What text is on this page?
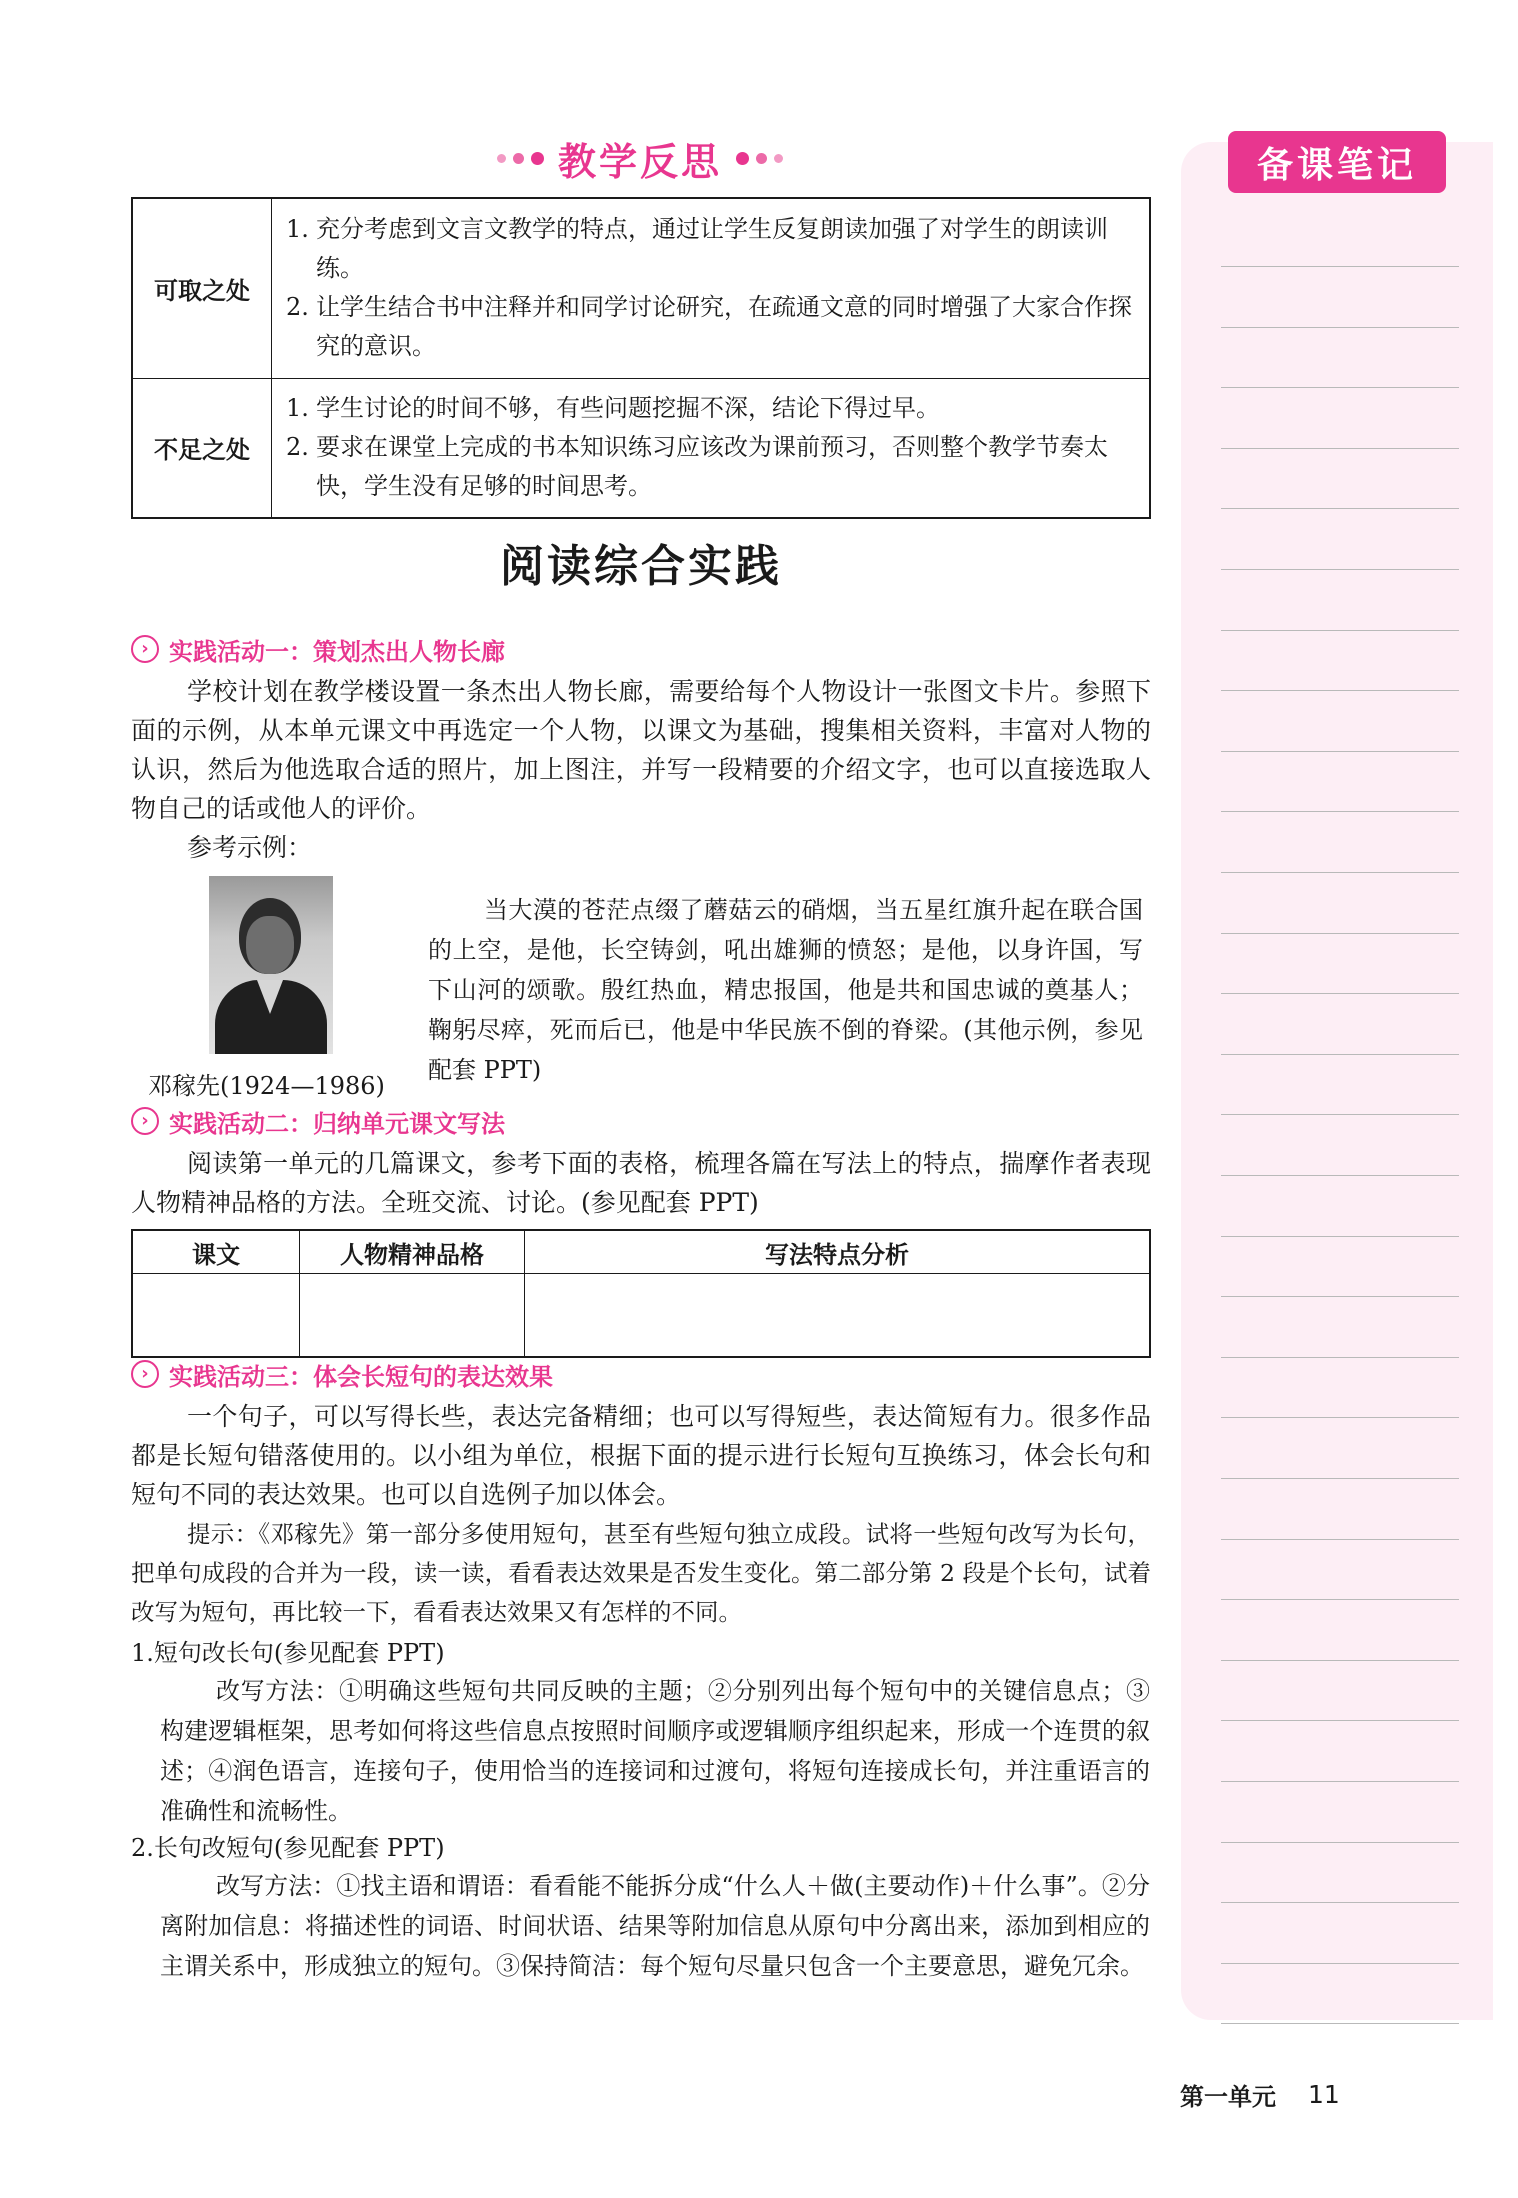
教学反思
可取之处	1. 充分考虑到文言文教学的特点，通过让学生反复朗读加强了对学生的朗读训练。
2. 让学生结合书中注释并和同学讨论研究，在疏通文意的同时增强了大家合作探究的意识。

不足之处	1. 学生讨论的时间不够，有些问题挖掘不深，结论下得过早。
2. 要求在课堂上完成的书本知识练习应该改为课前预习，否则整个教学节奏太快，学生没有足够的时间思考。
阅读综合实践
› 实践活动一：策划杰出人物长廊
学校计划在教学楼设置一条杰出人物长廊，需要给每个人物设计一张图文卡片。参照下面的示例，从本单元课文中再选定一个人物，以课文为基础，搜集相关资料，丰富对人物的认识，然后为他选取合适的照片，加上图注，并写一段精要的介绍文字，也可以直接选取人物自己的话或他人的评价。
参考示例：
邓稼先(1924—1986)
当大漠的苍茫点缀了蘑菇云的硝烟，当五星红旗升起在联合国的上空，是他，长空铸剑，吼出雄狮的愤怒；是他，以身许国，写下山河的颂歌。殷红热血，精忠报国，他是共和国忠诚的奠基人；鞠躬尽瘁，死而后已，他是中华民族不倒的脊梁。(其他示例，参见配套 PPT)
› 实践活动二：归纳单元课文写法
阅读第一单元的几篇课文，参考下面的表格，梳理各篇在写法上的特点，揣摩作者表现人物精神品格的方法。全班交流、讨论。(参见配套 PPT)
课文	人物精神品格	写法特点分析

› 实践活动三：体会长短句的表达效果
一个句子，可以写得长些，表达完备精细；也可以写得短些，表达简短有力。很多作品都是长短句错落使用的。以小组为单位，根据下面的提示进行长短句互换练习，体会长句和短句不同的表达效果。也可以自选例子加以体会。
提示：《邓稼先》第一部分多使用短句，甚至有些短句独立成段。试将一些短句改写为长句，把单句成段的合并为一段，读一读，看看表达效果是否发生变化。第二部分第 2 段是个长句，试着改写为短句，再比较一下，看看表达效果又有怎样的不同。
1.短句改长句(参见配套 PPT)
改写方法：①明确这些短句共同反映的主题；②分别列出每个短句中的关键信息点；③构建逻辑框架，思考如何将这些信息点按照时间顺序或逻辑顺序组织起来，形成一个连贯的叙述；④润色语言，连接句子，使用恰当的连接词和过渡句，将短句连接成长句，并注重语言的准确性和流畅性。
2.长句改短句(参见配套 PPT)
改写方法：①找主语和谓语：看看能不能拆分成“什么人＋做(主要动作)＋什么事”。②分离附加信息：将描述性的词语、时间状语、结果等附加信息从原句中分离出来，添加到相应的主谓关系中，形成独立的短句。③保持简洁：每个短句尽量只包含一个主要意思，避免冗余。
备课笔记
第一单元 11
